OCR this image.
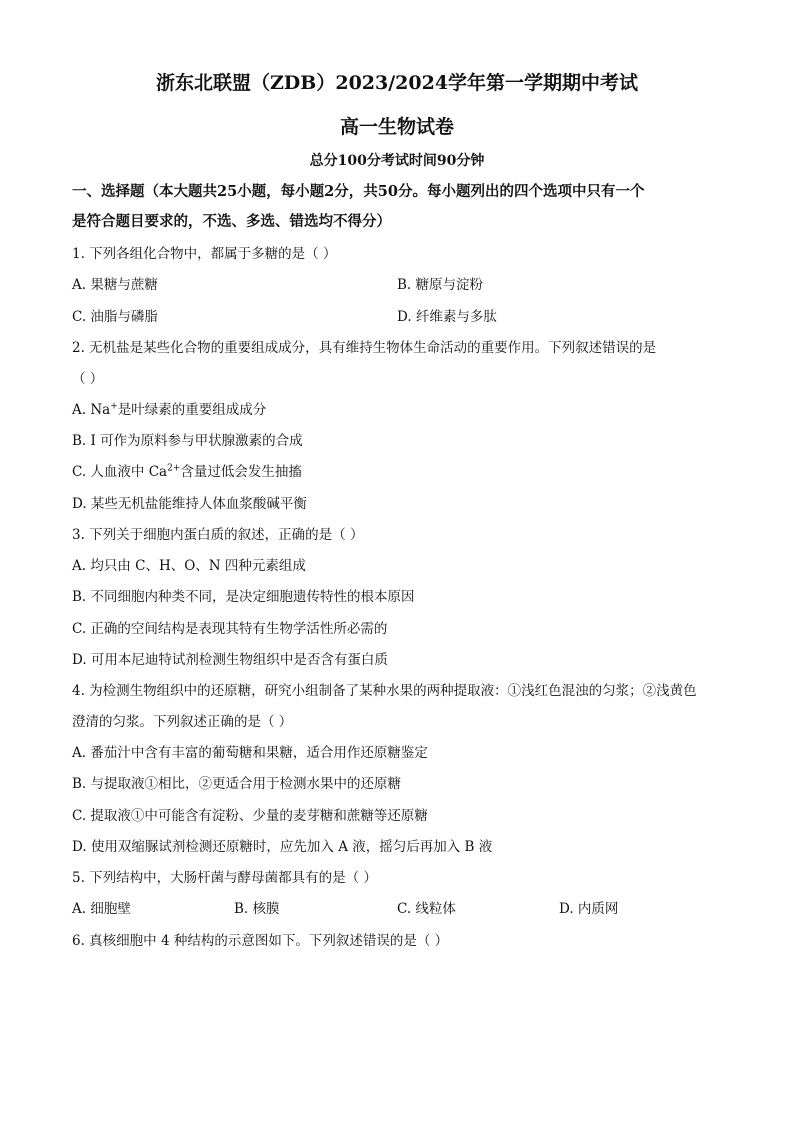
浙东北联盟（ZDB）2023/2024学年第一学期期中考试
高一生物试卷
总分100分考试时间90分钟
一、选择题（本大题共25小题，每小题2分，共50分。每小题列出的四个选项中只有一个
是符合题目要求的，不选、多选、错选均不得分）
1. 下列各组化合物中，都属于多糖的是（ ）
A. 果糖与蔗糖	B. 糖原与淀粉
C. 油脂与磷脂	D. 纤维素与多肽
2. 无机盐是某些化合物的重要组成成分，具有维持生物体生命活动的重要作用。下列叙述错误的是
（ ）
A. Na+是叶绿素的重要组成成分
B. I 可作为原料参与甲状腺激素的合成
C. 人血液中 $Ca^{2+}$含量过低会发生抽搐
D. 某些无机盐能维持人体血浆酸碱平衡
3. 下列关于细胞内蛋白质的叙述，正确的是（ ）
A. 均只由 C、H、O、N 四种元素组成
B. 不同细胞内种类不同，是决定细胞遗传特性的根本原因
C. 正确的空间结构是表现其特有生物学活性所必需的
D. 可用本尼迪特试剂检测生物组织中是否含有蛋白质
4. 为检测生物组织中的还原糖，研究小组制备了某种水果的两种提取液：①浅红色混浊的匀浆；②浅黄色
澄清的匀浆。下列叙述正确的是（ ）
A. 番茄汁中含有丰富的葡萄糖和果糖，适合用作还原糖鉴定
B. 与提取液①相比，②更适合用于检测水果中的还原糖
C. 提取液①中可能含有淀粉、少量的麦芽糖和蔗糖等还原糖
D. 使用双缩脲试剂检测还原糖时，应先加入 A 液，摇匀后再加入 B 液
5. 下列结构中，大肠杆菌与酵母菌都具有的是（ ）
A. 细胞壁	B. 核膜	C. 线粒体	D. 内质网
6. 真核细胞中 4 种结构的示意图如下。下列叙述错误的是（ ）
